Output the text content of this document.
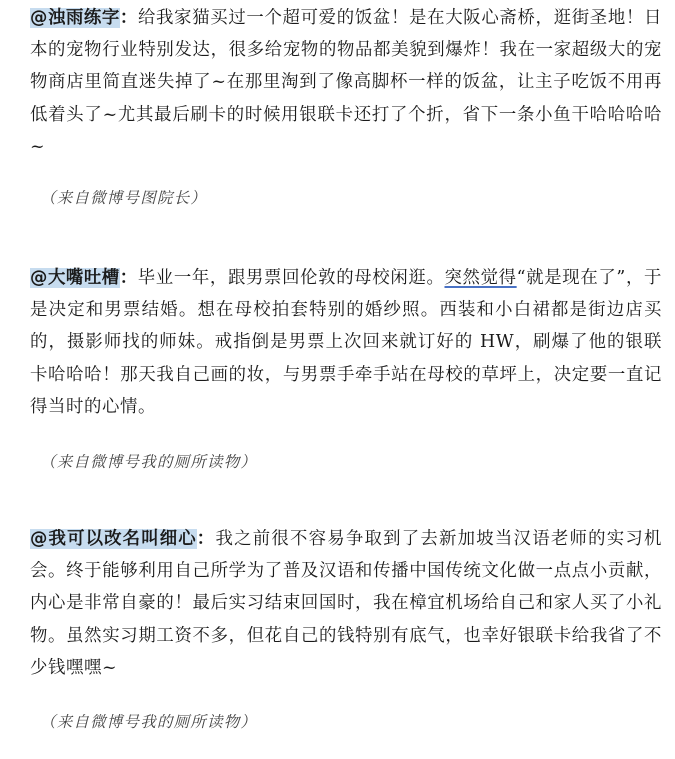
@浊雨练字：给我家猫买过一个超可爱的饭盆！是在大阪心斋桥，逛街圣地！日本的宠物行业特别发达，很多给宠物的物品都美貌到爆炸！我在一家超级大的宠物商店里简直迷失掉了~在那里淘到了像高脚杯一样的饭盆，让主子吃饭不用再低着头了~尤其最后刷卡的时候用银联卡还打了个折，省下一条小鱼干哈哈哈哈~

（来自微博号图院长）

@大嘴吐槽：毕业一年，跟男票回伦敦的母校闲逛。突然觉得“就是现在了”，于是决定和男票结婚。想在母校拍套特别的婚纱照。西装和小白裙都是街边店买的，摄影师找的师妹。戒指倒是男票上次回来就订好的 HW，刷爆了他的银联卡哈哈哈！那天我自己画的妆，与男票手牵手站在母校的草坪上，决定要一直记得当时的心情。

（来自微博号我的厕所读物）

@我可以改名叫细心：我之前很不容易争取到了去新加坡当汉语老师的实习机会。终于能够利用自己所学为了普及汉语和传播中国传统文化做一点点小贡献，内心是非常自豪的！最后实习结束回国时，我在樟宜机场给自己和家人买了小礼物。虽然实习期工资不多，但花自己的钱特别有底气，也幸好银联卡给我省了不少钱嘿嘿~

（来自微博号我的厕所读物）
